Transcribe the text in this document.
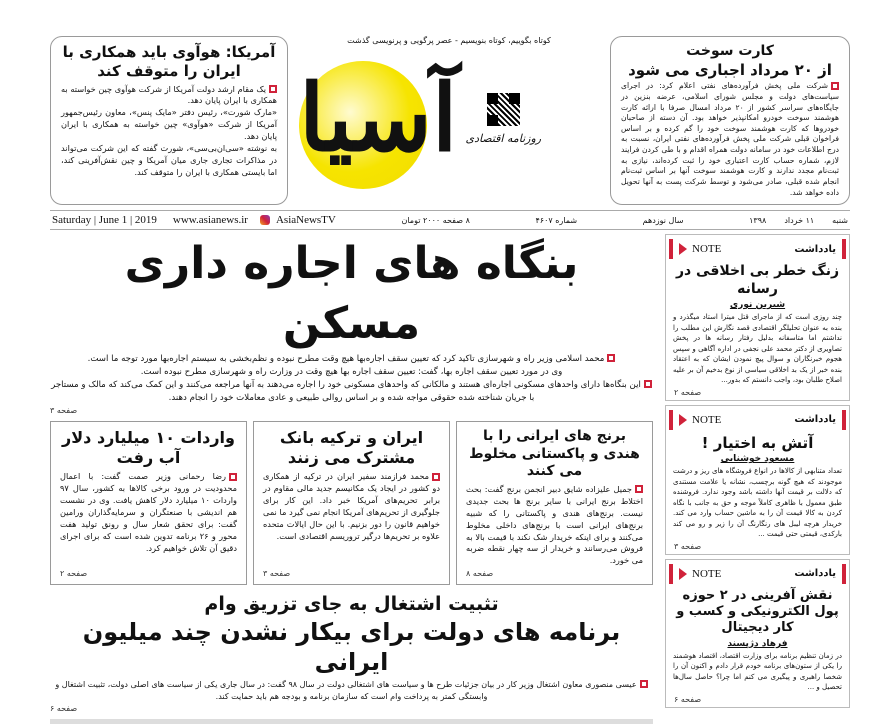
آمریکا: هوآوی باید همکاری با ایران را متوقف کند

یک مقام ارشد دولت آمریکا از شرکت هوآوی چین خواسته به همکاری با ایران پایان دهد.

«مارک شورت»، رئیس دفتر «مایک پنس»، معاون رئیس‌جمهور آمریکا از شرکت «هوآوی» چین خواسته به همکاری با ایران پایان دهد.

به نوشته «سی‌ان‌بی‌سی»، شورت گفته که این شرکت می‌تواند در مذاکرات تجاری جاری میان آمریکا و چین نقش‌آفرینی کند، اما بایستی همکاری با ایران را متوقف کند.

کوتاه بگوییم، کوتاه بنویسیم - عصر پرگویی و پرنویسی گذشت
آسیا روزنامه اقتصادی
کارت سوخت
از ۲۰ مرداد اجباری می شود

شرکت ملی پخش فرآورده‌های نفتی اعلام کرد: در اجرای سیاست‌های دولت و مجلس شورای اسلامی، عرضه بنزین در جایگاه‌های سراسر کشور از ۲۰ مرداد امسال صرفا با ارائه کارت هوشمند سوخت خودرو امکانپذیر خواهد بود. آن دسته از صاحبان خودروها که کارت هوشمند سوخت خود را گم کرده و بر اساس فراخوان قبلی شرکت ملی پخش فرآورده‌های نفتی ایران، نسبت به درج اطلاعات خود در سامانه دولت همراه اقدام و با طی کردن فرایند لازم، شماره حساب کارت اعتباری خود را ثبت کرده‌اند، نیازی به ثبت‌نام مجدد ندارند و کارت هوشمند سوخت آنها بر اساس ثبت‌نام انجام شده قبلی، صادر می‌شود و توسط شرکت پست به آنها تحویل داده خواهد شد.

Saturday | June 1 | 2019 www.asianews.ir	AsiaNewsTV	۸ صفحه ۲۰۰۰ تومان	شماره ۴۶۰۷	سال نوزدهم	۱۳۹۸ ۱۱ خرداد شنبه
بنگاه های اجاره داری مسکن

محمد اسلامی وزیر راه و شهرسازی تاکید کرد که تعیین سقف اجاره‌بها هیچ وقت مطرح نبوده و نظم‌بخشی به سیستم اجاره‌بها مورد توجه ما است.

وی در مورد تعیین سقف اجاره بها، گفت: تعیین سقف اجاره بها هیچ وقت در وزارت راه و شهرسازی مطرح نبوده است.

این بنگاه‌ها دارای واحدهای مسکونی اجاره‌ای هستند و مالکانی که واحدهای مسکونی خود را اجاره می‌دهند به آنها مراجعه می‌کنند و این کمک می‌کند که مالک و مستاجر با جریان شناخته شده حقوقی مواجه شده و بر اساس روالی طبیعی و عادی معاملات خود را انجام دهند.

صفحه ۳
واردات ۱۰ میلیارد دلار آب رفت

رضا رحمانی وزیر صمت گفت: با اعمال محدودیت در ورود برخی کالاها به کشور، سال ۹۷ واردات ۱۰ میلیارد دلار کاهش یافت. وی در نشست هم اندیشی با صنعتگران و سرمایه‌گذاران ورامین گفت: برای تحقق شعار سال و رونق تولید هفت محور و ۲۶ برنامه تدوین شده است که برای اجرای دقیق آن تلاش خواهیم کرد.

صفحه ۲
ایران و ترکیه بانک مشترک می زنند

محمد فرازمند سفیر ایران در ترکیه از همکاری دو کشور در ایجاد یک مکانیسم جدید مالی مقاوم در برابر تحریم‌های آمریکا خبر داد. این کار برای جلوگیری از تحریم‌های آمریکا انجام نمی گیرد ما نمی خواهیم قانون را دور بزنیم. با این حال ایالات متحده علاوه بر تحریم‌ها درگیر تروریسم اقتصادی است.

صفحه ۳
برنج های ایرانی را با هندی و پاکستانی مخلوط می کنند

جمیل علیزاده شایق دبیر انجمن برنج گفت: بحث اختلاط برنج ایرانی با سایر برنج ها بحث جدیدی نیست. برنج‌های هندی و پاکستانی را که شبیه برنج‌های ایرانی است با برنج‌های داخلی مخلوط می‌کنند و برای اینکه خریدار شک نکند با قیمت بالا به فروش می‌رسانند و خریدار از سه چهار نقطه ضربه می خورد.

صفحه ۸
تثبیت اشتغال به جای تزریق وام
برنامه های دولت برای بیکار نشدن چند میلیون ایرانی

عیسی منصوری معاون اشتغال وزیر کار در بیان جزئیات طرح ها و سیاست های اشتغالی دولت در سال ۹۸ گفت: در سال جاری یکی از سیاست های اصلی دولت، تثبیت اشتغال و وابستگی کمتر به پرداخت وام است که سازمان برنامه و بودجه هم باید حمایت کند.

صفحه ۶
NOTE	یادداشت
زنگ خطر بی اخلاقی در رسانه
شیرین نوری

چند روزی است که از ماجرای قتل میترا استاد میگذرد و بنده به عنوان تحلیلگر اقتصادی قصد نگارش این مطلب را نداشتم اما متاسفانه بدلیل رفتار رسانه ها در پخش تصاویری از دکتر محمد علی نجفی در اداره آگاهی و سپس هجوم خبرنگاران و سوال پیچ نمودن ایشان که به اعتقاد بنده خبر از یک بد اخلاقی سیاسی از نوع بدخیم آن بر علیه اصلاح طلبان بود، واجب دانستم که بدور...

صفحه ۲
NOTE	یادداشت
آتش به اختیار !
مسعود خوشنابی

تعداد متنابهی از کالاها در انواع فروشگاه های ریز و درشت موجودند که هیچ گونه برچسب، نشانه یا علامت مستندی که دلالت بر قیمت آنها داشته باشد وجود ندارد. فروشنده طبق معمول با ظاهری کاملاً موجه و حق به جانب با نگاه کردن به کالا قیمت آن را به ماشین حساب وارد می کند. خریدار هرچه لیبل های رنگارنگ آن را زیر و رو می کند بارکدی، قیمتی حتی قیمت ...

صفحه ۳
NOTE	یادداشت
نقش آفرینی در ۲ حوزه پول الکترونیکی و کسب و کار دیجیتال
فرهاد دژپسند

در زمان تنظیم برنامه برای وزارت اقتصاد، اقتصاد هوشمند را یکی از ستون‌های برنامه خودم قرار دادم و اکنون آن را شخصا راهبری و پیگیری می کنم اما چرا؟ حاصل سال‌ها تحصیل و ...

صفحه ۶
